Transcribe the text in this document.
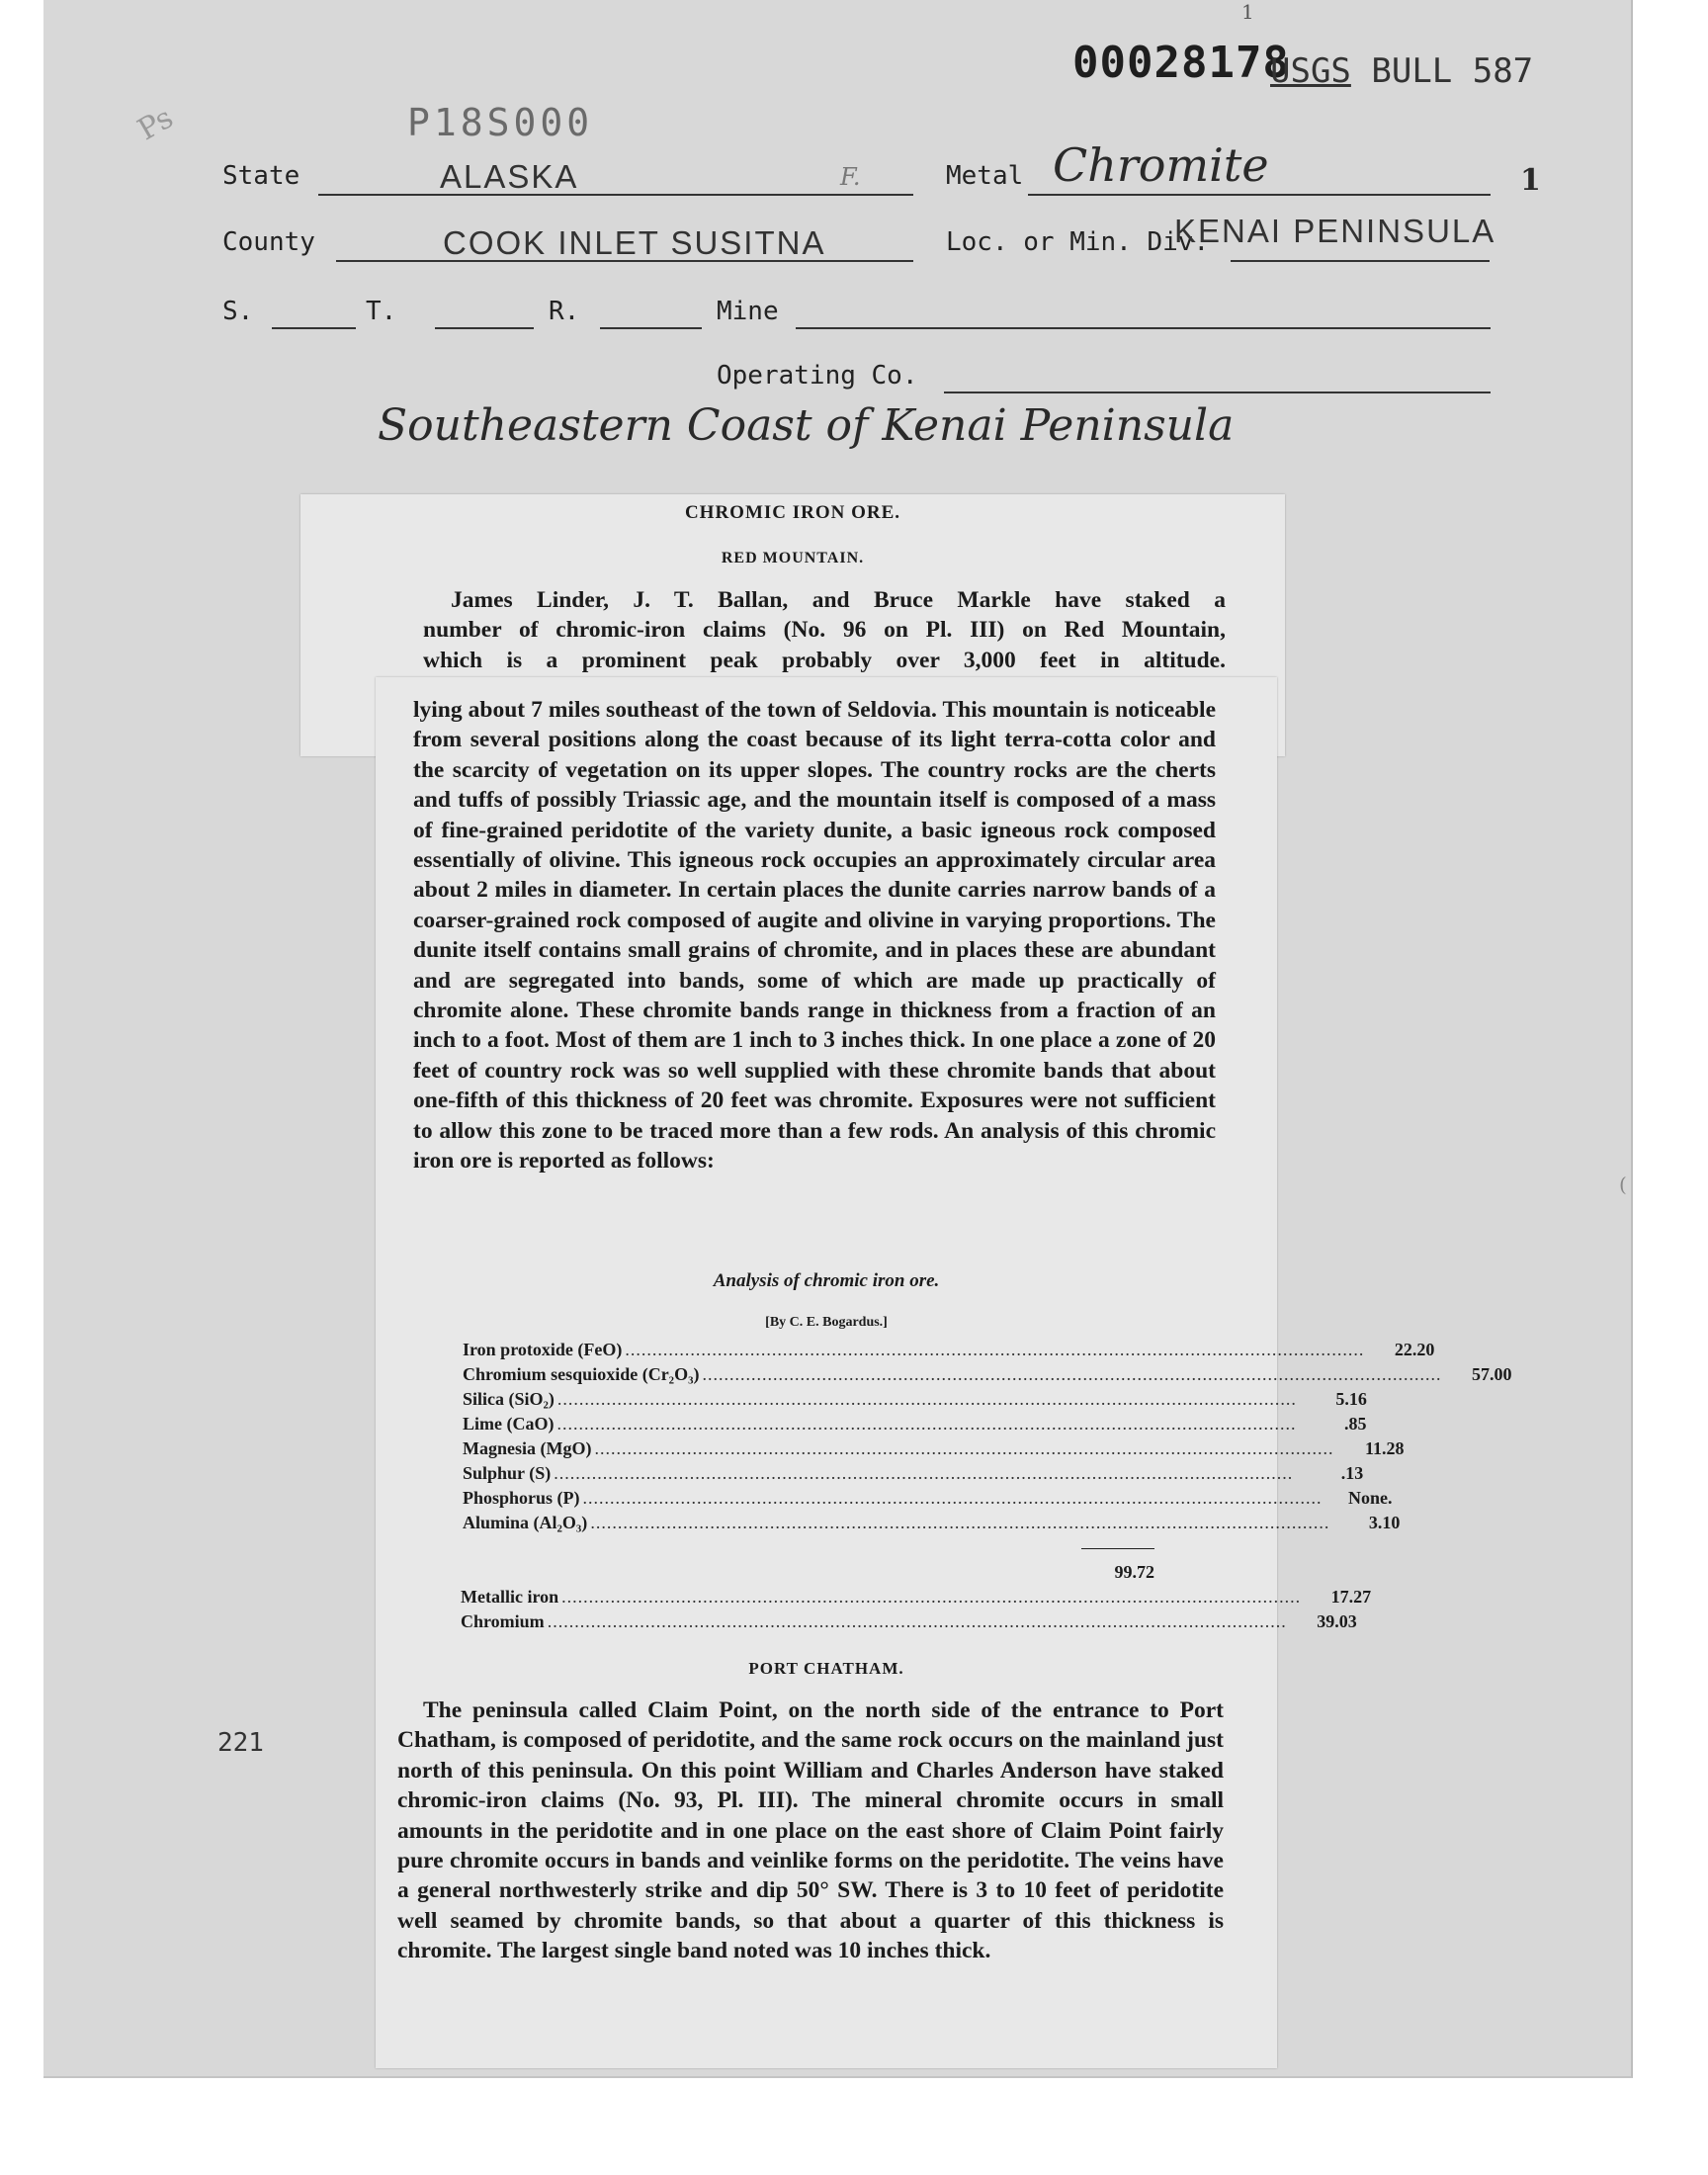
1
00028178
USGS BULL 587
Ps	P18S000
State	ALASKA	F.	Metal Chromite	1
County	COOK INLET SUSITNA	Loc. or Min. Div.
KENAI PENINSULA
S.	T.	R.	Mine
Operating Co.
Southeastern Coast of Kenai Peninsula
(
221

CHROMIC IRON ORE.

RED MOUNTAIN.

James Linder, J. T. Ballan, and Bruce Markle have staked a
number of chromic-iron claims (No. 96 on Pl. III) on Red Mountain,
which is a prominent peak probably over 3,000 feet in altitude.

lying about 7 miles southeast of the town of Seldovia. This mountain is noticeable from several positions along the coast because of its light terra-cotta color and the scarcity of vegetation on its upper slopes. The country rocks are the cherts and tuffs of possibly Triassic age, and the mountain itself is composed of a mass of fine-grained peridotite of the variety dunite, a basic igneous rock composed essentially of olivine. This igneous rock occupies an approximately circular area about 2 miles in diameter. In certain places the dunite carries narrow bands of a coarser-grained rock composed of augite and olivine in varying proportions. The dunite itself contains small grains of chromite, and in places these are abundant and are segregated into bands, some of which are made up practically of chromite alone. These chromite bands range in thickness from a fraction of an inch to a foot. Most of them are 1 inch to 3 inches thick. In one place a zone of 20 feet of country rock was so well supplied with these chromite bands that about one-fifth of this thickness of 20 feet was chromite. Exposures were not sufficient to allow this zone to be traced more than a few rods. An analysis of this chromic iron ore is reported as follows:

Analysis of chromic iron ore.
[By C. E. Bogardus.]
Iron protoxide (FeO) ........................................................................................................................................	22.20
Chromium sesquioxide (Cr₂O₃) ........................................................................................................................................	57.00
Silica (SiO₂) ........................................................................................................................................	5.16
Lime (CaO) ........................................................................................................................................	.85
Magnesia (MgO) ........................................................................................................................................	11.28
Sulphur (S) ........................................................................................................................................	.13
Phosphorus (P) ........................................................................................................................................	None.
Alumina (Al₂O₃) ........................................................................................................................................	3.10
99.72
Metallic iron ........................................................................................................................................	17.27
Chromium ........................................................................................................................................	39.03

PORT CHATHAM.

The peninsula called Claim Point, on the north side of the entrance to Port Chatham, is composed of peridotite, and the same rock occurs on the mainland just north of this peninsula. On this point William and Charles Anderson have staked chromic-iron claims (No. 93, Pl. III). The mineral chromite occurs in small amounts in the peridotite and in one place on the east shore of Claim Point fairly pure chromite occurs in bands and veinlike forms on the peridotite. The veins have a general northwesterly strike and dip 50° SW. There is 3 to 10 feet of peridotite well seamed by chromite bands, so that about a quarter of this thickness is chromite. The largest single band noted was 10 inches thick.
